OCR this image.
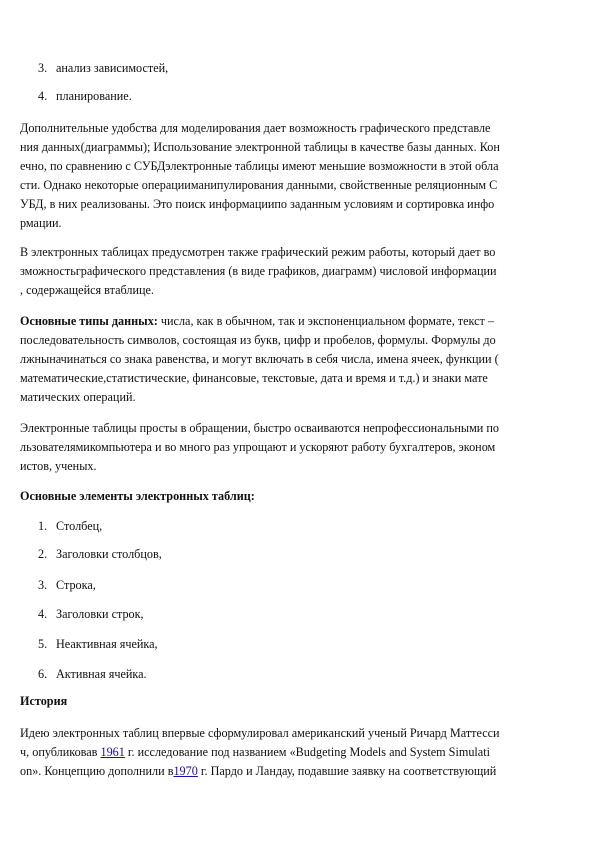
3. анализ зависимостей,
4. планирование.
Дополнительные удобства для моделирования дает возможность графического представле
ния данных(диаграммы); Использование электронной таблицы в качестве базы данных. Кон
ечно, по сравнению с СУБДэлектронные таблицы имеют меньшие возможности в этой обла
сти. Однако некоторые операцииманипулирования данными, свойственные реляционным С
УБД, в них реализованы. Это поиск информациипо заданным условиям и сортировка инфо
рмации.
В электронных таблицах предусмотрен также графический режим работы, который дает во
зможностьграфического представления (в виде графиков, диаграмм) числовой информации
, содержащейся втаблице.
Основные типы данных: числа, как в обычном, так и экспоненциальном формате, текст –
последовательность символов, состоящая из букв, цифр и пробелов, формулы. Формулы до
лжныначинаться со знака равенства, и могут включать в себя числа, имена ячеек, функции (
математические,статистические, финансовые, текстовые, дата и время и т.д.) и знаки мате
матических операций.
Электронные таблицы просты в обращении, быстро осваиваются непрофессиональными по
льзователямикомпьютера и во много раз упрощают и ускоряют работу бухгалтеров, эконом
истов, ученых.
Основные элементы электронных таблиц:
1. Столбец,
2. Заголовки столбцов,
3. Строка,
4. Заголовки строк,
5. Неактивная ячейка,
6. Активная ячейка.
История
Идею электронных таблиц впервые сформулировал американский ученый Ричард Маттесси
ч, опубликовав 1961 г. исследование под названием «Budgeting Models and System Simulati
on». Концепцию дополнили в1970 г. Пардо и Ландау, подавшие заявку на соответствующий
